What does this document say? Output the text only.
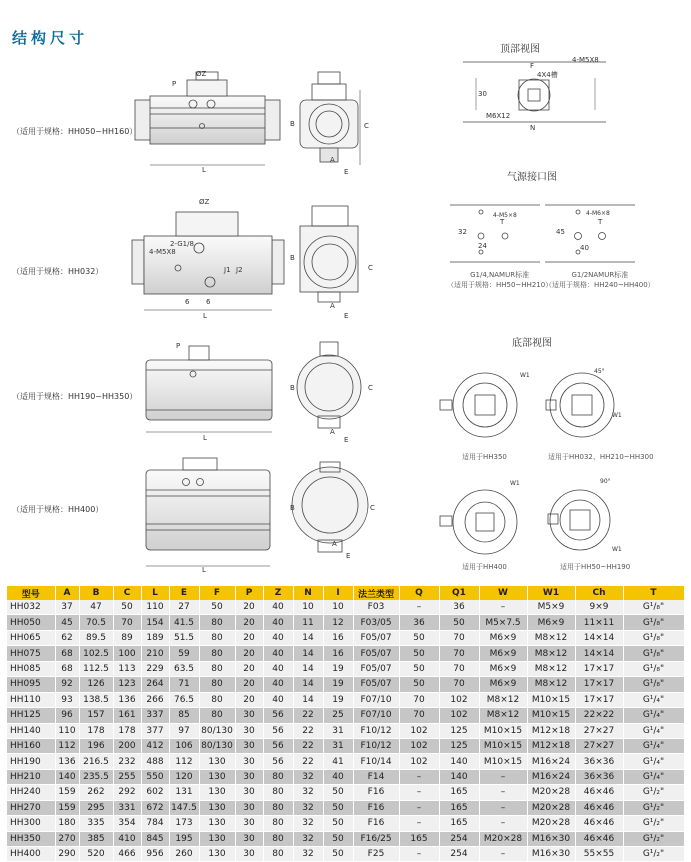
结构尺寸
顶部视图
气源接口图
底部视图
（适用于规格：HH050~HH160）
（适用于规格：HH032）
（适用于规格：HH190~HH350）
（适用于规格：HH400）
ØZ
L
A
E
C
B
P
4-M5X8
4X4槽
M6X12
F
N
30
ØZ
2-G1/8
4-M5X8
J1 J2
6 6
L
A
E
C
B
4-M5×8	4-M6×8
32
24
45
40
T	T
P
L
A
E
C
B
L
A
E
C
B
W1
W1
W1
W1
45°
90°
G1/4,NAMUR标准
（适用于规格：HH50~HH210）
G1/2NAMUR标准
（适用于规格：HH240~HH400）
适用于HH350	适用于HH032、HH210~HH300
适用于HH400	适用于HH50~HH190
型号	A	B	C	L	E	F	P	Z	N	I	法兰类型	Q	Q1	W	W1	Ch	T
HH032	37	47	50	110	27	50	20	40	10	10	F03	–	36	–	M5×9	9×9	G¹/₈"
HH050	45	70.5	70	154	41.5	80	20	40	11	12	F03/05	36	50	M5×7.5	M6×9	11×11	G¹/₈"
HH065	62	89.5	89	189	51.5	80	20	40	14	16	F05/07	50	70	M6×9	M8×12	14×14	G¹/₈"
HH075	68	102.5	100	210	59	80	20	40	14	16	F05/07	50	70	M6×9	M8×12	14×14	G¹/₈"
HH085	68	112.5	113	229	63.5	80	20	40	14	19	F05/07	50	70	M6×9	M8×12	17×17	G¹/₈"
HH095	92	126	123	264	71	80	20	40	14	19	F05/07	50	70	M6×9	M8×12	17×17	G¹/₈"
HH110	93	138.5	136	266	76.5	80	20	40	14	19	F07/10	70	102	M8×12	M10×15	17×17	G¹/₄"
HH125	96	157	161	337	85	80	30	56	22	25	F07/10	70	102	M8×12	M10×15	22×22	G¹/₄"
HH140	110	178	178	377	97	80/130	30	56	22	31	F10/12	102	125	M10×15	M12×18	27×27	G¹/₄"
HH160	112	196	200	412	106	80/130	30	56	22	31	F10/12	102	125	M10×15	M12×18	27×27	G¹/₄"
HH190	136	216.5	232	488	112	130	30	56	22	41	F10/14	102	140	M10×15	M16×24	36×36	G¹/₄"
HH210	140	235.5	255	550	120	130	30	80	32	40	F14	–	140	–	M16×24	36×36	G¹/₄"
HH240	159	262	292	602	131	130	30	80	32	50	F16	–	165	–	M20×28	46×46	G¹/₂"
HH270	159	295	331	672	147.5	130	30	80	32	50	F16	–	165	–	M20×28	46×46	G¹/₂"
HH300	180	335	354	784	173	130	30	80	32	50	F16	–	165	–	M20×28	46×46	G¹/₂"
HH350	270	385	410	845	195	130	30	80	32	50	F16/25	165	254	M20×28	M16×30	46×46	G¹/₂"
HH400	290	520	466	956	260	130	30	80	32	50	F25	–	254	–	M16×30	55×55	G¹/₂"
